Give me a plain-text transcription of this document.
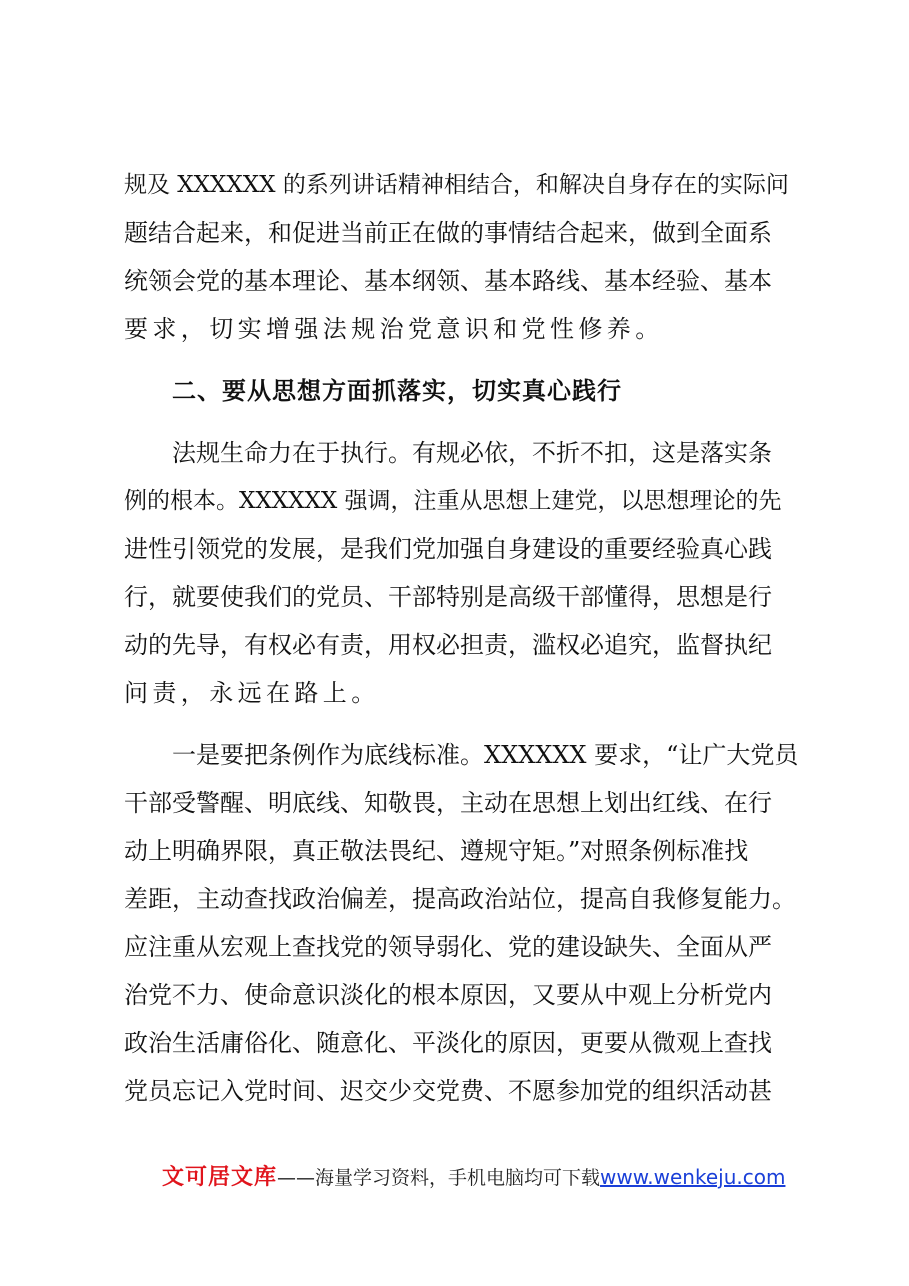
规及 XXXXXX 的系列讲话精神相结合，和解决自身存在的实际问
题结合起来，和促进当前正在做的事情结合起来，做到全面系
统领会党的基本理论、基本纲领、基本路线、基本经验、基本
要求，切实增强法规治党意识和党性修养。
二、要从思想方面抓落实，切实真心践行
法规生命力在于执行。有规必依，不折不扣，这是落实条
例的根本。XXXXXX 强调，注重从思想上建党，以思想理论的先
进性引领党的发展，是我们党加强自身建设的重要经验真心践
行，就要使我们的党员、干部特别是高级干部懂得，思想是行
动的先导，有权必有责，用权必担责，滥权必追究，监督执纪
问责，永远在路上。
一是要把条例作为底线标准。XXXXXX 要求，“让广大党员
干部受警醒、明底线、知敬畏，主动在思想上划出红线、在行
动上明确界限，真正敬法畏纪、遵规守矩。”对照条例标准找
差距，主动查找政治偏差，提高政治站位，提高自我修复能力。
应注重从宏观上查找党的领导弱化、党的建设缺失、全面从严
治党不力、使命意识淡化的根本原因，又要从中观上分析党内
政治生活庸俗化、随意化、平淡化的原因，更要从微观上查找
党员忘记入党时间、迟交少交党费、不愿参加党的组织活动甚
文可居文库——海量学习资料，手机电脑均可下载www.wenkeju.com
